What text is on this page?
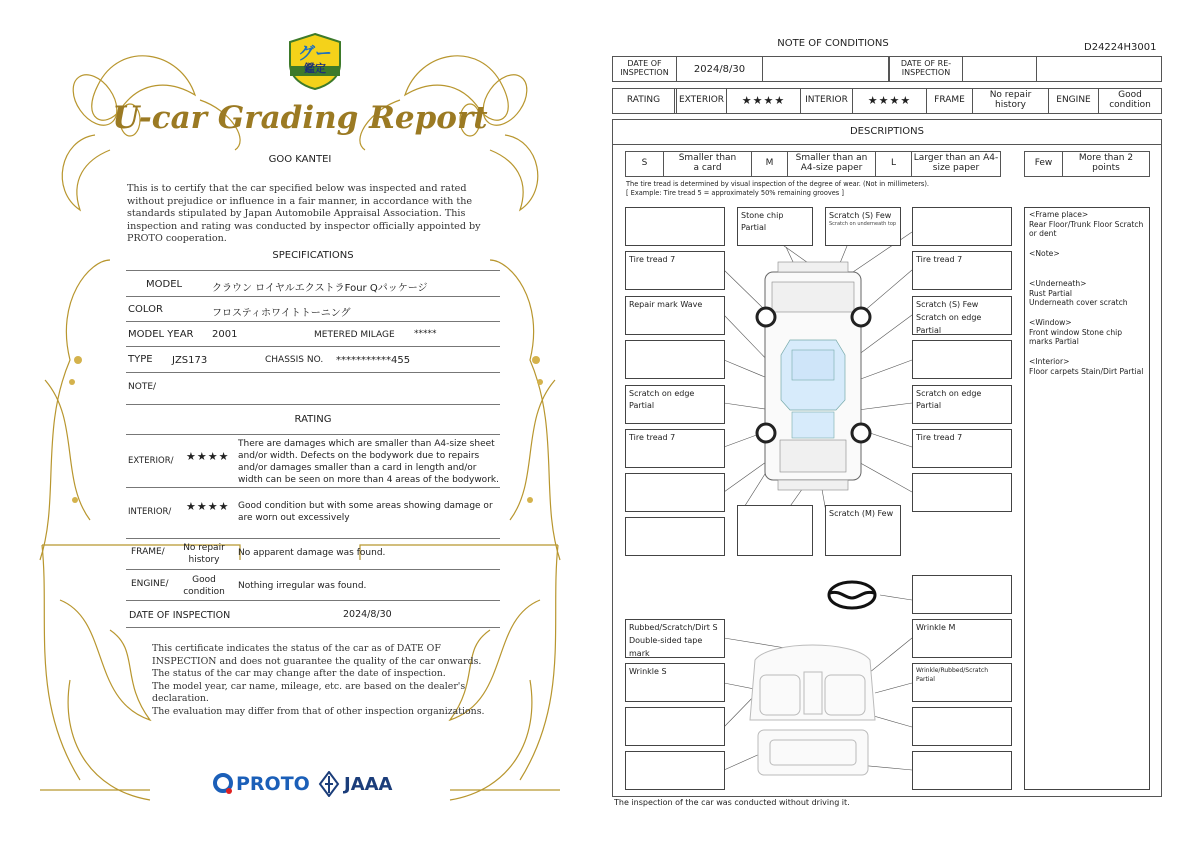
グー
鑑定
U-car Grading Report
GOO KANTEI
This is to certify that the car specified below was inspected and rated without prejudice or influence in a fair manner, in accordance with the standards stipulated by Japan Automobile Appraisal Association. This inspection and rating was conducted by inspector officially appointed by PROTO cooperation.
SPECIFICATIONS
MODEL	クラウン ロイヤルエクストラFour Qパッケージ
COLOR	フロスティホワイトトーニング
MODEL YEAR 2001	METERED MILAGE *****
TYPE JZS173	CHASSIS NO. ***********455
NOTE/
RATING
EXTERIOR/ ★★★★
There are damages which are smaller than A4-size sheet and/or width. Defects on the bodywork due to repairs and/or damages smaller than a card in length and/or width can be seen on more than 4 areas of the bodywork.
INTERIOR/ ★★★★ Good condition but with some areas showing damage or are worn out excessively
FRAME/	No repair history
No apparent damage was found.
ENGINE/	Good condition
Nothing irregular was found.
DATE OF INSPECTION	2024/8/30
This certificate indicates the status of the car as of DATE OF
INSPECTION and does not guarantee the quality of the car onwards.
The status of the car may change after the date of inspection.
The model year, car name, mileage, etc. are based on the dealer's
declaration.
The evaluation may differ from that of other inspection organizations.
PROTO JAAA
NOTE OF CONDITIONS	D24224H3001
DATE OF INSPECTION	2024/8/30	DATE OF RE-INSPECTION
RATING	EXTERIOR	★★★★	INTERIOR	★★★★	FRAME	No repair history	ENGINE	Good condition
DESCRIPTIONS
S	Smaller than a card	M	Smaller than an A4-size paper	L	Larger than an A4-size paper	Few	More than 2 points
The tire tread is determined by visual inspection of the degree of wear. (Not in millimeters).
[ Example: Tire tread 5 = approximately 50% remaining grooves ]
Stone chip Partial
Scratch (S) Few
Scratch on underneath top
Tire tread 7
Repair mark Wave
Scratch on edge Partial
Tire tread 7
Tire tread 7
Scratch (S) Few
Scratch on edge Partial
Scratch on edge Partial
Tire tread 7
Scratch (M) Few
Rubbed/Scratch/Dirt S
Double-sided tape mark
Wrinkle M
Wrinkle S	Wrinkle/Rubbed/Scratch Partial
<Frame place>
Rear Floor/Trunk Floor Scratch or dent
<Note>
<Underneath>
Rust Partial
Underneath cover scratch
<Window>
Front window Stone chip marks Partial
<Interior>
Floor carpets Stain/Dirt Partial
The inspection of the car was conducted without driving it.
